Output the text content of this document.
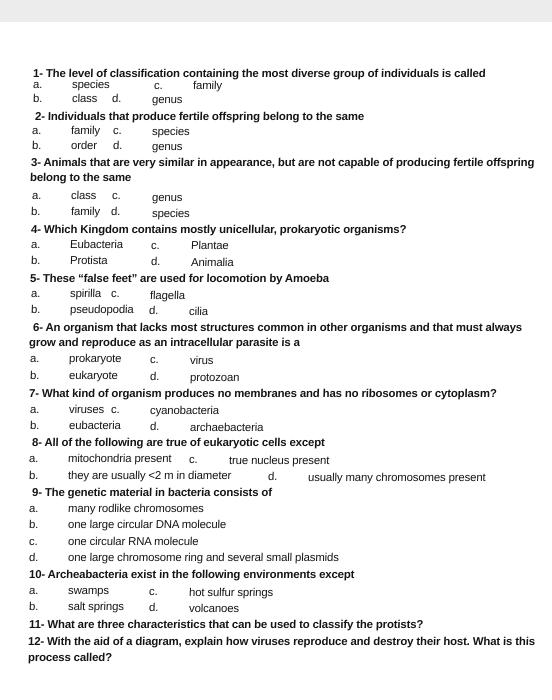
1- The level of classification containing the most diverse group of individuals is called
a.	species	c.	family
b.	class d.	genus
2- Individuals that produce fertile offspring belong to the same
a.	family c.	species
b.	order d.	genus
3- Animals that are very similar in appearance, but are not capable of producing fertile offspring
belong to the same
a.	class c.	genus
b.	family d.	species
4- Which Kingdom contains mostly unicellular, prokaryotic organisms?
a.	Eubacteria c.	Plantae
b.	Protista	d.	Animalia
5- These “false feet” are used for locomotion by Amoeba
a.	spirilla c.	flagella
b.	pseudopodia d.	cilia
6- An organism that lacks most structures common in other organisms and that must always
grow and reproduce as an intracellular parasite is a
a.	prokaryote c.	virus
b.	eukaryote	d.	protozoan
7- What kind of organism produces no membranes and has no ribosomes or cytoplasm?
a.	viruses c.	cyanobacteria
b.	eubacteria	d.	archaebacteria
8- All of the following are true of eukaryotic cells except
a.	mitochondria present c.	true nucleus present
b.	they are usually <2 m in diameter	d.	usually many chromosomes present
9- The genetic material in bacteria consists of
a.	many rodlike chromosomes
b.	one large circular DNA molecule
c.	one circular RNA molecule
d.	one large chromosome ring and several small plasmids
10- Archeabacteria exist in the following environments except
a.	swamps	c.	hot sulfur springs
b.	salt springs d.	volcanoes
11- What are three characteristics that can be used to classify the protists?
12- With the aid of a diagram, explain how viruses reproduce and destroy their host. What is this
process called?
